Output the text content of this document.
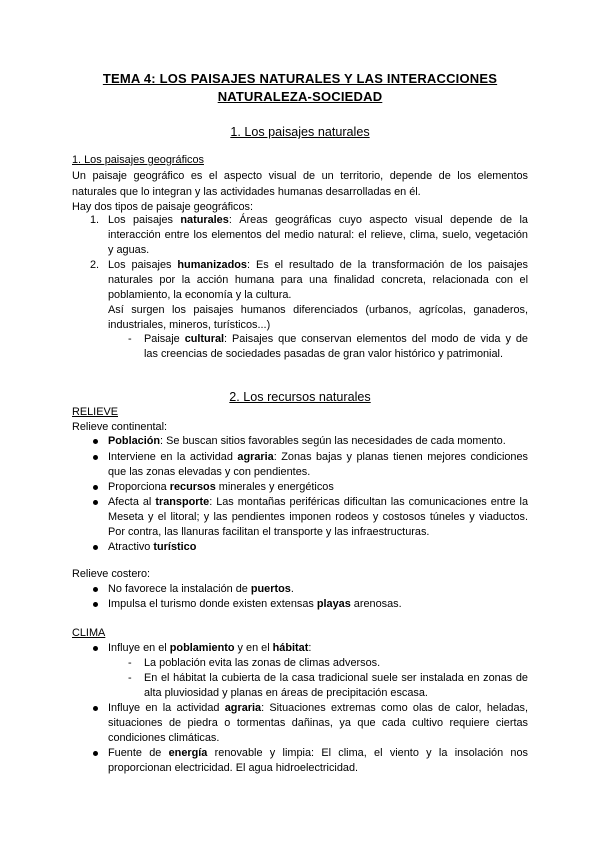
TEMA 4: LOS PAISAJES NATURALES Y LAS INTERACCIONES
NATURALEZA-SOCIEDAD
1. Los paisajes naturales
1. Los paisajes geográficos
Un paisaje geográfico es el aspecto visual de un territorio, depende de los elementos
naturales que lo integran y las actividades humanas desarrolladas en él.
Hay dos tipos de paisaje geográficos:
1. Los paisajes naturales: Áreas geográficas cuyo aspecto visual depende de la
interacción entre los elementos del medio natural: el relieve, clima, suelo, vegetación
y aguas.
2. Los paisajes humanizados: Es el resultado de la transformación de los paisajes
naturales por la acción humana para una finalidad concreta, relacionada con el
poblamiento, la economía y la cultura.
Así surgen los paisajes humanos diferenciados (urbanos, agrícolas, ganaderos,
industriales, mineros, turísticos...)
- Paisaje cultural: Paisajes que conservan elementos del modo de vida y de
las creencias de sociedades pasadas de gran valor histórico y patrimonial.
2. Los recursos naturales
RELIEVE
Relieve continental:
Población: Se buscan sitios favorables según las necesidades de cada momento.
Interviene en la actividad agraria: Zonas bajas y planas tienen mejores condiciones
que las zonas elevadas y con pendientes.
Proporciona recursos minerales y energéticos
Afecta al transporte: Las montañas periféricas dificultan las comunicaciones entre la
Meseta y el litoral; y las pendientes imponen rodeos y costosos túneles y viaductos.
Por contra, las llanuras facilitan el transporte y las infraestructuras.
Atractivo turístico
Relieve costero:
No favorece la instalación de puertos.
Impulsa el turismo donde existen extensas playas arenosas.
CLIMA
Influye en el poblamiento y en el hábitat:
- La población evita las zonas de climas adversos.
- En el hábitat la cubierta de la casa tradicional suele ser instalada en zonas de
alta pluviosidad y planas en áreas de precipitación escasa.
Influye en la actividad agraria: Situaciones extremas como olas de calor, heladas,
situaciones de piedra o tormentas dañinas, ya que cada cultivo requiere ciertas
condiciones climáticas.
Fuente de energía renovable y limpia: El clima, el viento y la insolación nos
proporcionan electricidad. El agua hidroelectricidad.
